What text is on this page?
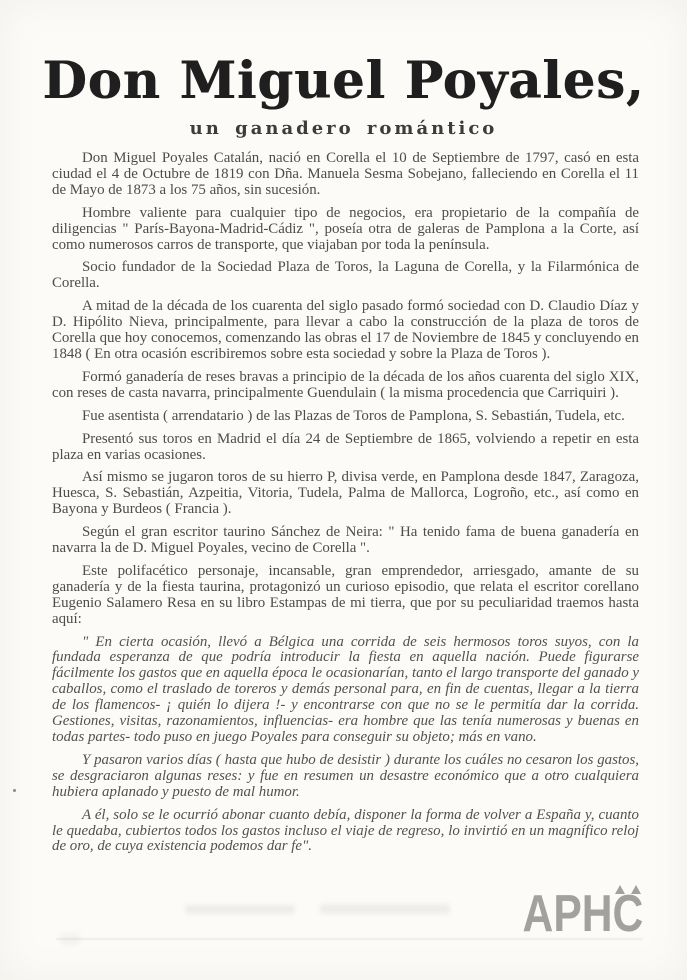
Don Miguel Poyales,
un ganadero romántico

Don Miguel Poyales Catalán, nació en Corella el 10 de Septiembre de 1797, casó en esta ciudad el 4 de Octubre de 1819 con Dña. Manuela Sesma Sobejano, falleciendo en Corella el 11 de Mayo de 1873 a los 75 años, sin sucesión.

Hombre valiente para cualquier tipo de negocios, era propietario de la compañía de diligencias " París-Bayona-Madrid-Cádiz ", poseía otra de galeras de Pamplona a la Corte, así como numerosos carros de transporte, que viajaban por toda la península.

Socio fundador de la Sociedad Plaza de Toros, la Laguna de Corella, y la Filarmónica de Corella.

A mitad de la década de los cuarenta del siglo pasado formó sociedad con D. Claudio Díaz y D. Hipólito Nieva, principalmente, para llevar a cabo la construcción de la plaza de toros de Corella que hoy conocemos, comenzando las obras el 17 de Noviembre de 1845 y concluyendo en 1848 ( En otra ocasión escribiremos sobre esta sociedad y sobre la Plaza de Toros ).

Formó ganadería de reses bravas a principio de la década de los años cuarenta del siglo XIX, con reses de casta navarra, principalmente Guendulain ( la misma procedencia que Carriquiri ).

Fue asentista ( arrendatario ) de las Plazas de Toros de Pamplona, S. Sebastián, Tudela, etc.

Presentó sus toros en Madrid el día 24 de Septiembre de 1865, volviendo a repetir en esta plaza en varias ocasiones.

Así mismo se jugaron toros de su hierro P, divisa verde, en Pamplona desde 1847, Zaragoza, Huesca, S. Sebastián, Azpeitia, Vitoria, Tudela, Palma de Mallorca, Logroño, etc., así como en Bayona y Burdeos ( Francia ).

Según el gran escritor taurino Sánchez de Neira: " Ha tenido fama de buena ganadería en navarra la de D. Miguel Poyales, vecino de Corella ".

Este polifacético personaje, incansable, gran emprendedor, arriesgado, amante de su ganadería y de la fiesta taurina, protagonizó un curioso episodio, que relata el escritor corellano Eugenio Salamero Resa en su libro Estampas de mi tierra, que por su peculiaridad traemos hasta aquí:

" En cierta ocasión, llevó a Bélgica una corrida de seis hermosos toros suyos, con la fundada esperanza de que podría introducir la fiesta en aquella nación. Puede figurarse fácilmente los gastos que en aquella época le ocasionarían, tanto el largo transporte del ganado y caballos, como el traslado de toreros y demás personal para, en fin de cuentas, llegar a la tierra de los flamencos- ¡ quién lo dijera !- y encontrarse con que no se le permitía dar la corrida. Gestiones, visitas, razonamientos, influencias- era hombre que las tenía numerosas y buenas en todas partes- todo puso en juego Poyales para conseguir su objeto; más en vano.

Y pasaron varios días ( hasta que hubo de desistir ) durante los cuáles no cesaron los gastos, se desgraciaron algunas reses: y fue en resumen un desastre económico que a otro cualquiera hubiera aplanado y puesto de mal humor.

A él, solo se le ocurrió abonar cuanto debía, disponer la forma de volver a España y, cuanto le quedaba, cubiertos todos los gastos incluso el viaje de regreso, lo invirtió en un magnífico reloj de oro, de cuya existencia podemos dar fe".

APHC
